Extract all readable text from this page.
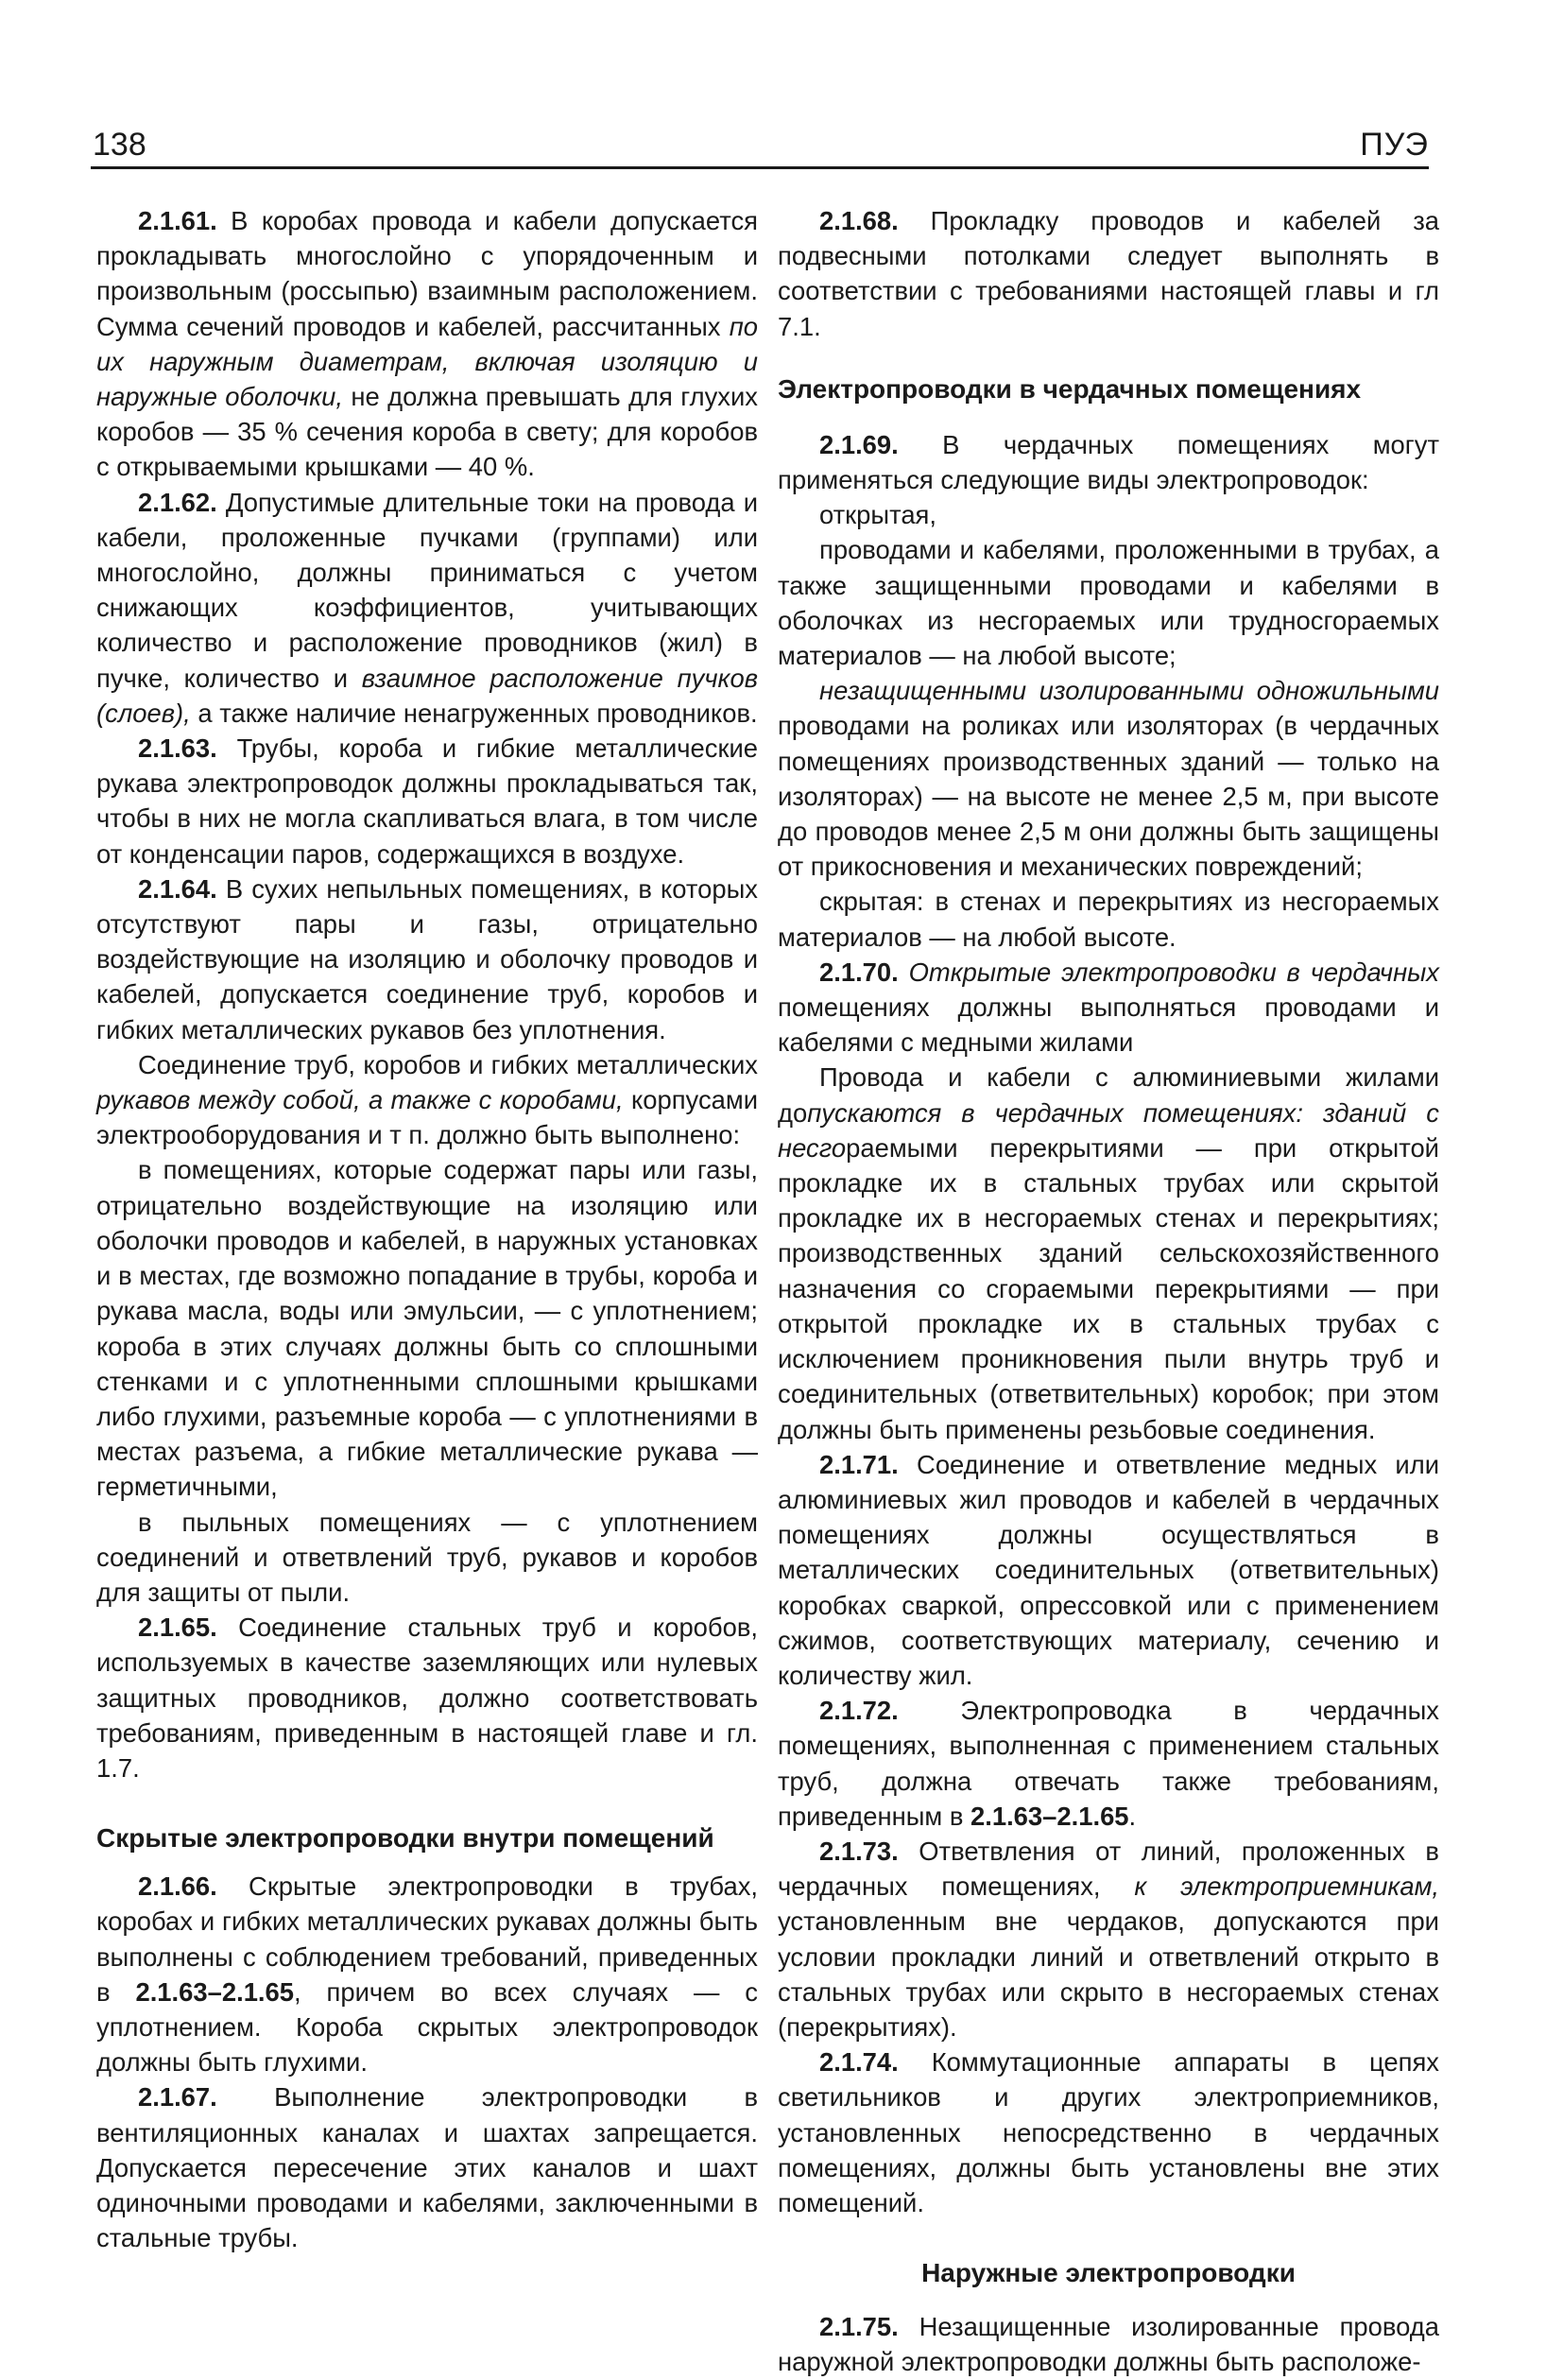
138	ПУЭ

2.1.61. В коробах провода и кабели допускается прокладывать многослойно с упорядоченным и произвольным (россыпью) взаимным расположением. Сумма сечений проводов и кабелей, рассчитанных по их наружным диаметрам, включая изоляцию и наружные оболочки, не должна превышать для глухих коробов — 35 % сечения короба в свету; для коробов с открываемыми крышками — 40 %.

2.1.62. Допустимые длительные токи на провода и кабели, проложенные пучками (группами) или многослойно, должны приниматься с учетом снижающих коэффициентов, учитывающих количество и расположение проводников (жил) в пучке, количество и взаимное расположение пучков (слоев), а также наличие ненагруженных проводников.

2.1.63. Трубы, короба и гибкие металлические рукава электропроводок должны прокладываться так, чтобы в них не могла скапливаться влага, в том числе от конденсации паров, содержащихся в воздухе.

2.1.64. В сухих непыльных помещениях, в которых отсутствуют пары и газы, отрицательно воздействующие на изоляцию и оболочку проводов и кабелей, допускается соединение труб, коробов и гибких металлических рукавов без уплотнения.

Соединение труб, коробов и гибких металлических рукавов между собой, а также с коробами, корпусами электрооборудования и т п. должно быть выполнено:

в помещениях, которые содержат пары или газы, отрицательно воздействующие на изоляцию или оболочки проводов и кабелей, в наружных установках и в местах, где возможно попадание в трубы, короба и рукава масла, воды или эмульсии, — с уплотнением; короба в этих случаях должны быть со сплошными стенками и с уплотненными сплошными крышками либо глухими, разъемные короба — с уплотнениями в местах разъема, а гибкие металлические рукава — герметичными,

в пыльных помещениях — с уплотнением соединений и ответвлений труб, рукавов и коробов для защиты от пыли.

2.1.65. Соединение стальных труб и коробов, используемых в качестве заземляющих или нулевых защитных проводников, должно соответствовать требованиям, приведенным в настоящей главе и гл. 1.7.

Скрытые электропроводки внутри помещений

2.1.66. Скрытые электропроводки в трубах, коробах и гибких металлических рукавах должны быть выполнены с соблюдением требований, приведенных в 2.1.63–2.1.65, причем во всех случаях — с уплотнением. Короба скрытых электропроводок должны быть глухими.

2.1.67. Выполнение электропроводки в вентиляционных каналах и шахтах запрещается. Допускается пересечение этих каналов и шахт одиночными проводами и кабелями, заключенными в стальные трубы.

2.1.68. Прокладку проводов и кабелей за подвесными потолками следует выполнять в соответствии с требованиями настоящей главы и гл 7.1.

Электропроводки в чердачных помещениях

2.1.69. В чердачных помещениях могут применяться следующие виды электропроводок:

открытая,

проводами и кабелями, проложенными в трубах, а также защищенными проводами и кабелями в оболочках из несгораемых или трудносгораемых материалов — на любой высоте;

незащищенными изолированными одножильными проводами на роликах или изоляторах (в чердачных помещениях производственных зданий — только на изоляторах) — на высоте не менее 2,5 м, при высоте до проводов менее 2,5 м они должны быть защищены от прикосновения и механических повреждений;

скрытая: в стенах и перекрытиях из несгораемых материалов — на любой высоте.

2.1.70. Открытые электропроводки в чердачных помещениях должны выполняться проводами и кабелями с медными жилами

Провода и кабели с алюминиевыми жилами допускаются в чердачных помещениях: зданий с несгораемыми перекрытиями — при открытой прокладке их в стальных трубах или скрытой прокладке их в несгораемых стенах и перекрытиях; производственных зданий сельскохозяйственного назначения со сгораемыми перекрытиями — при открытой прокладке их в стальных трубах с исключением проникновения пыли внутрь труб и соединительных (ответвительных) коробок; при этом должны быть применены резьбовые соединения.

2.1.71. Соединение и ответвление медных или алюминиевых жил проводов и кабелей в чердачных помещениях должны осуществляться в металлических соединительных (ответвительных) коробках сваркой, опрессовкой или с применением сжимов, соответствующих материалу, сечению и количеству жил.

2.1.72. Электропроводка в чердачных помещениях, выполненная с применением стальных труб, должна отвечать также требованиям, приведенным в 2.1.63–2.1.65.

2.1.73. Ответвления от линий, проложенных в чердачных помещениях, к электроприемникам, установленным вне чердаков, допускаются при условии прокладки линий и ответвлений открыто в стальных трубах или скрыто в несгораемых стенах (перекрытиях).

2.1.74. Коммутационные аппараты в цепях светильников и других электроприемников, установленных непосредственно в чердачных помещениях, должны быть установлены вне этих помещений.

Наружные электропроводки

2.1.75. Незащищенные изолированные провода наружной электропроводки должны быть расположе-
